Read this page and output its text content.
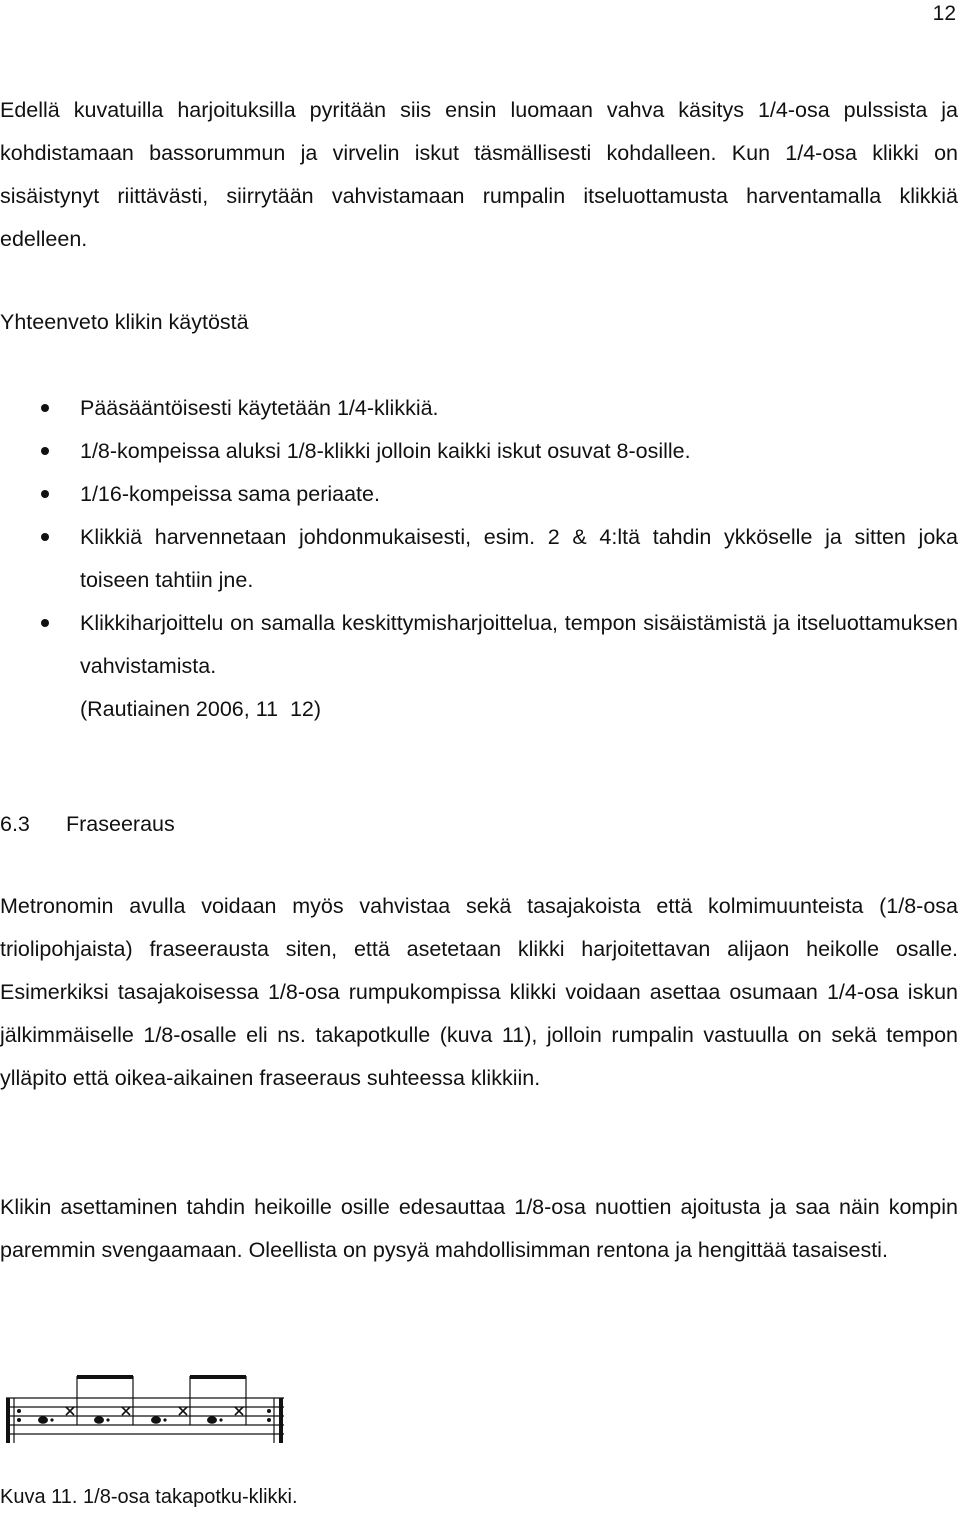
12

Edellä kuvatuilla harjoituksilla pyritään siis ensin luomaan vahva käsitys 1/4-osa pulssista ja kohdistamaan bassorummun ja virvelin iskut täsmällisesti kohdalleen. Kun 1/4-osa klikki on sisäistynyt riittävästi, siirrytään vahvistamaan rumpalin itseluottamusta harventamalla klikkiä edelleen.

Yhteenveto klikin käytöstä

Pääsääntöisesti käytetään 1/4-klikkiä.
1/8-kompeissa aluksi 1/8-klikki jolloin kaikki iskut osuvat 8-osille.
1/16-kompeissa sama periaate.
Klikkiä harvennetaan johdonmukaisesti, esim. 2 & 4:ltä tahdin ykköselle ja sitten joka toiseen tahtiin jne.
Klikkiharjoittelu on samalla keskittymisharjoittelua, tempon sisäistämistä ja itseluottamuksen vahvistamista.
(Rautiainen 2006, 11  12)
6.3 Fraseeraus

Metronomin avulla voidaan myös vahvistaa sekä tasajakoista että kolmimuunteista (1/8-osa triolipohjaista) fraseerausta siten, että asetetaan klikki harjoitettavan alijaon heikolle osalle. Esimerkiksi tasajakoisessa 1/8-osa rumpukompissa klikki voidaan asettaa osumaan 1/4-osa iskun jälkimmäiselle 1/8-osalle eli ns. takapotkulle (kuva 11), jolloin rumpalin vastuulla on sekä tempon ylläpito että oikea-aikainen fraseeraus suhteessa klikkiin.

Klikin asettaminen tahdin heikoille osille edesauttaa 1/8-osa nuottien ajoitusta ja saa näin kompin paremmin svengaamaan. Oleellista on pysyä mahdollisimman rentona ja hengittää tasaisesti.

Kuva 11. 1/8-osa takapotku-klikki.
